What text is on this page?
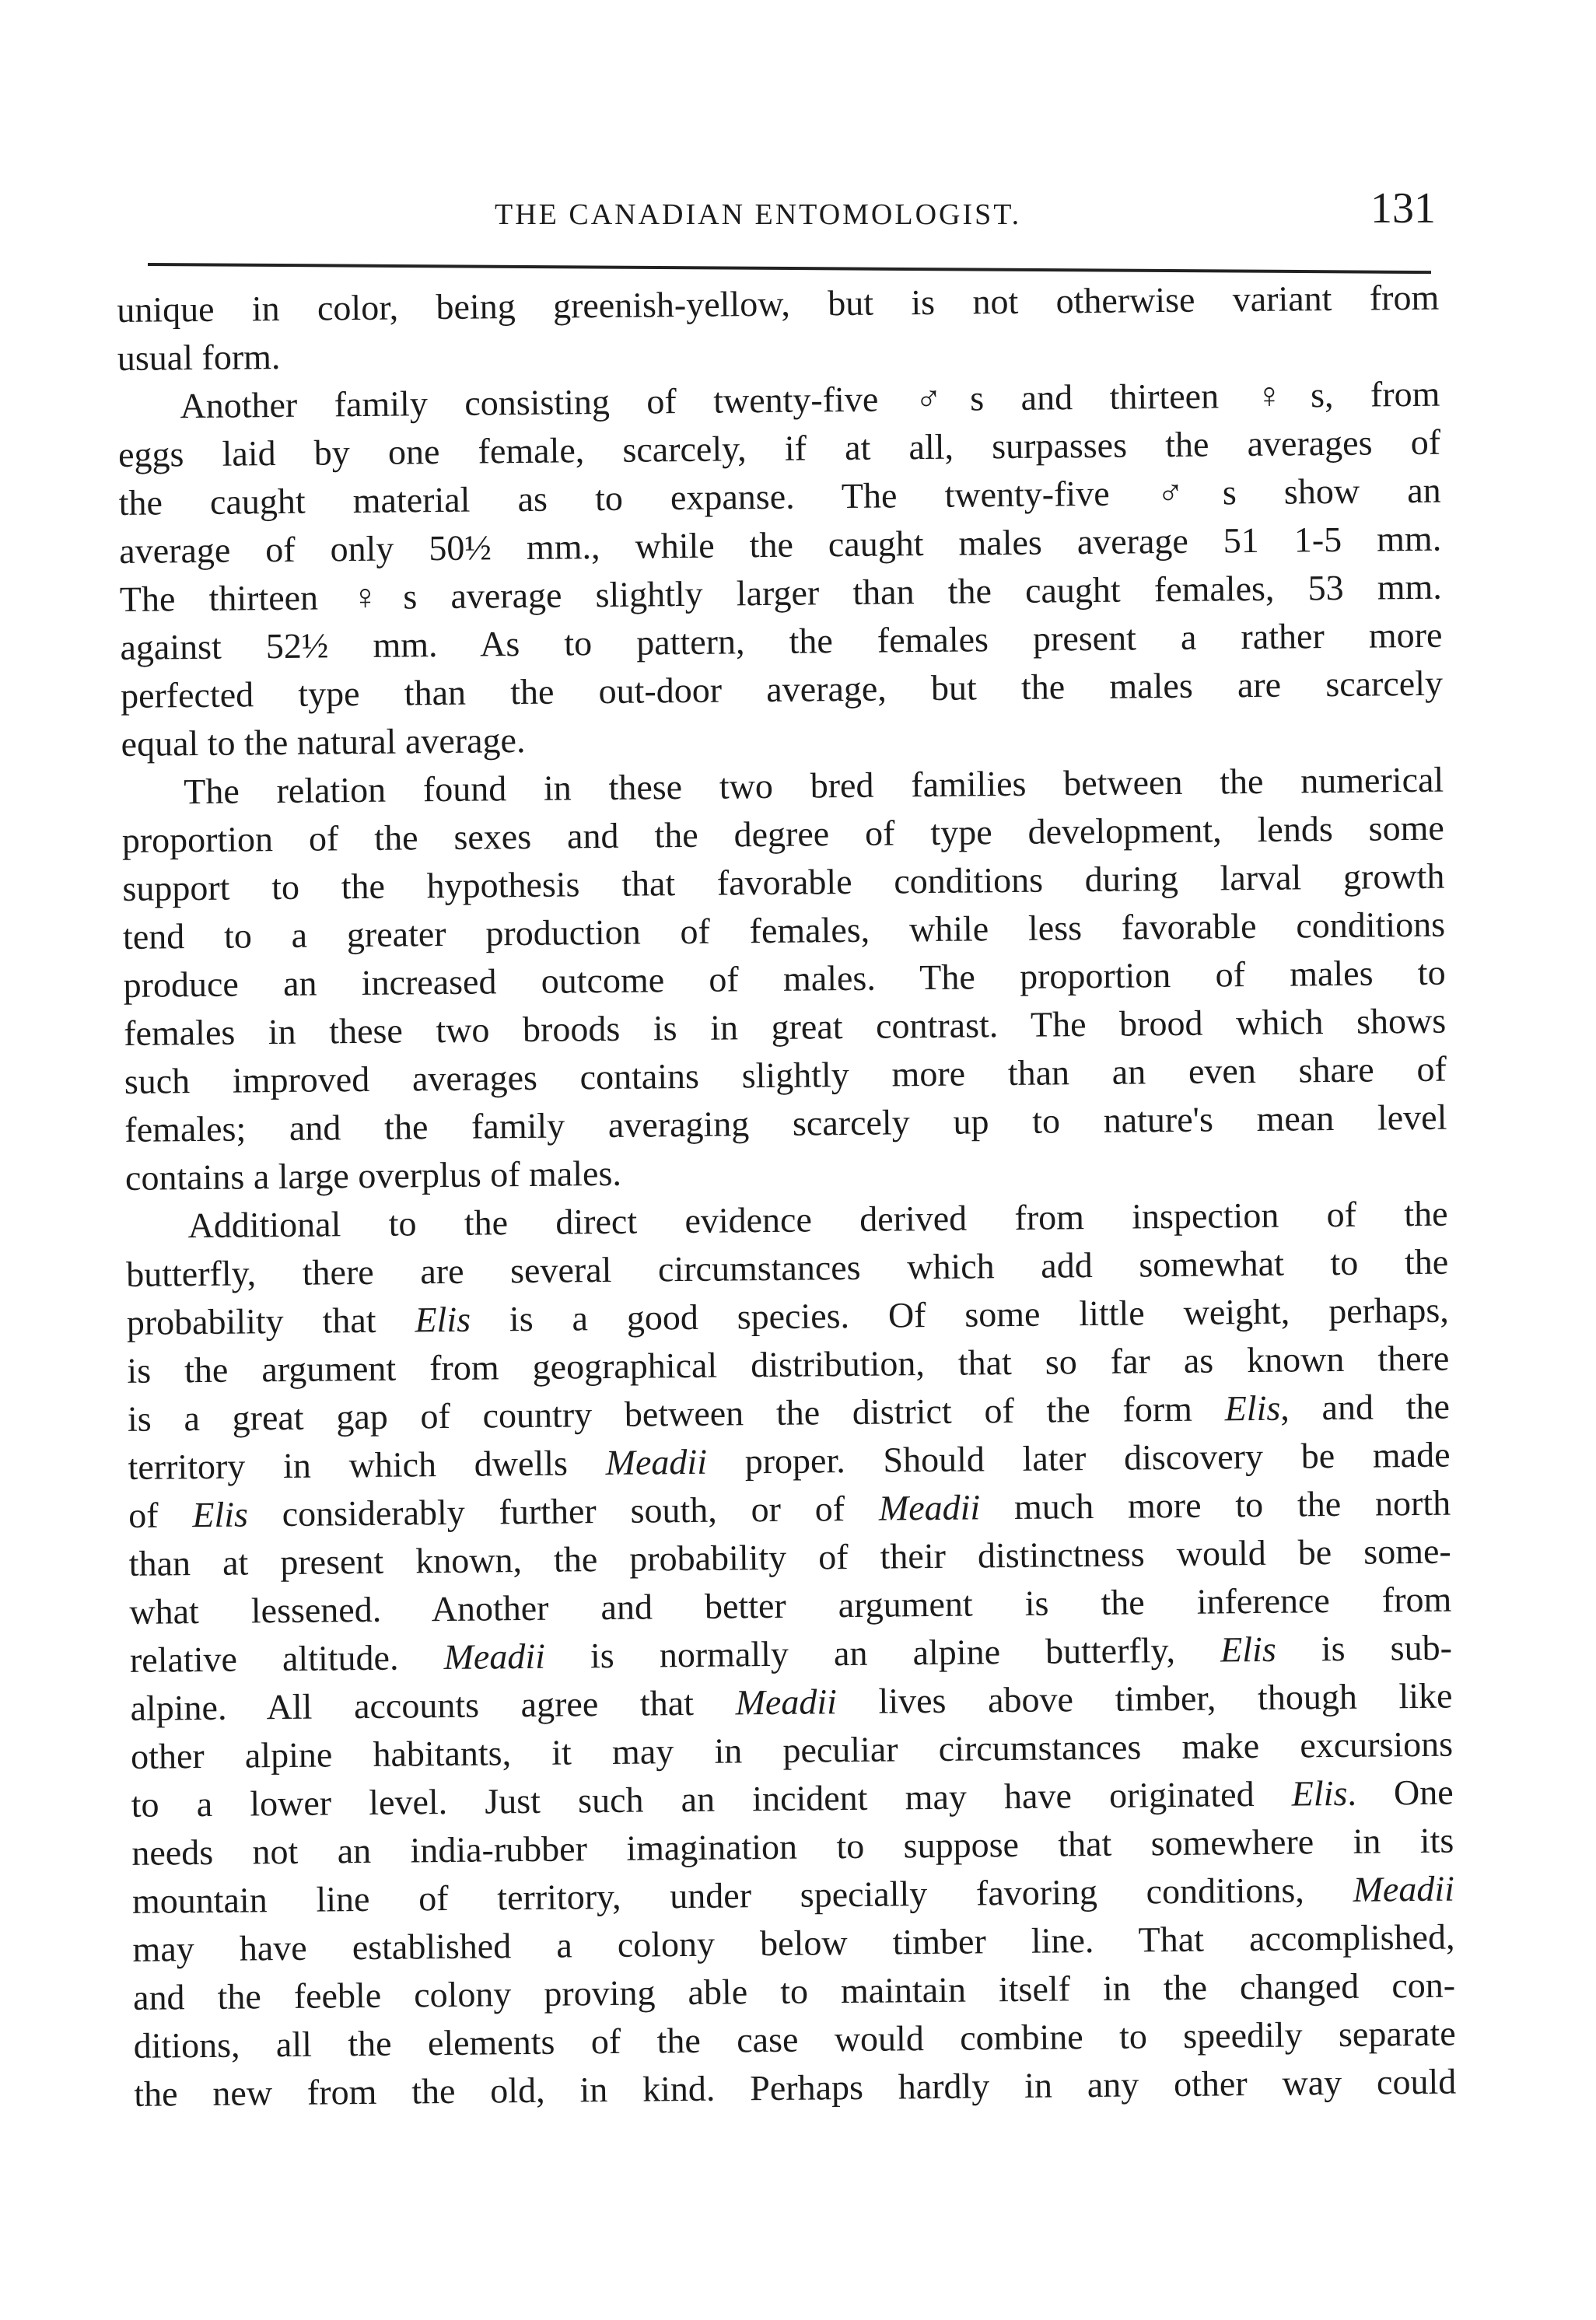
THE CANADIAN ENTOMOLOGIST.	131
unique in color, being greenish-yellow, but is not otherwise variant from
usual form.
Another family consisting of twenty-five ♂s and thirteen ♀s, from
eggs laid by one female, scarcely, if at all, surpasses the averages of
the caught material as to expanse. The twenty-five ♂s show an
average of only 50½ mm., while the caught males average 51 1-5 mm.
The thirteen ♀s average slightly larger than the caught females, 53 mm.
against 52½ mm. As to pattern, the females present a rather more
perfected type than the out-door average, but the males are scarcely
equal to the natural average.
The relation found in these two bred families between the numerical
proportion of the sexes and the degree of type development, lends some
support to the hypothesis that favorable conditions during larval growth
tend to a greater production of females, while less favorable conditions
produce an increased outcome of males. The proportion of males to
females in these two broods is in great contrast. The brood which shows
such improved averages contains slightly more than an even share of
females; and the family averaging scarcely up to nature's mean level
contains a large overplus of males.
Additional to the direct evidence derived from inspection of the
butterfly, there are several circumstances which add somewhat to the
probability that Elis is a good species. Of some little weight, perhaps,
is the argument from geographical distribution, that so far as known there
is a great gap of country between the district of the form Elis, and the
territory in which dwells Meadii proper. Should later discovery be made
of Elis considerably further south, or of Meadii much more to the north
than at present known, the probability of their distinctness would be some-
what lessened. Another and better argument is the inference from
relative altitude. Meadii is normally an alpine butterfly, Elis is sub-
alpine. All accounts agree that Meadii lives above timber, though like
other alpine habitants, it may in peculiar circumstances make excursions
to a lower level. Just such an incident may have originated Elis. One
needs not an india-rubber imagination to suppose that somewhere in its
mountain line of territory, under specially favoring conditions, Meadii
may have established a colony below timber line. That accomplished,
and the feeble colony proving able to maintain itself in the changed con-
ditions, all the elements of the case would combine to speedily separate
the new from the old, in kind. Perhaps hardly in any other way could
